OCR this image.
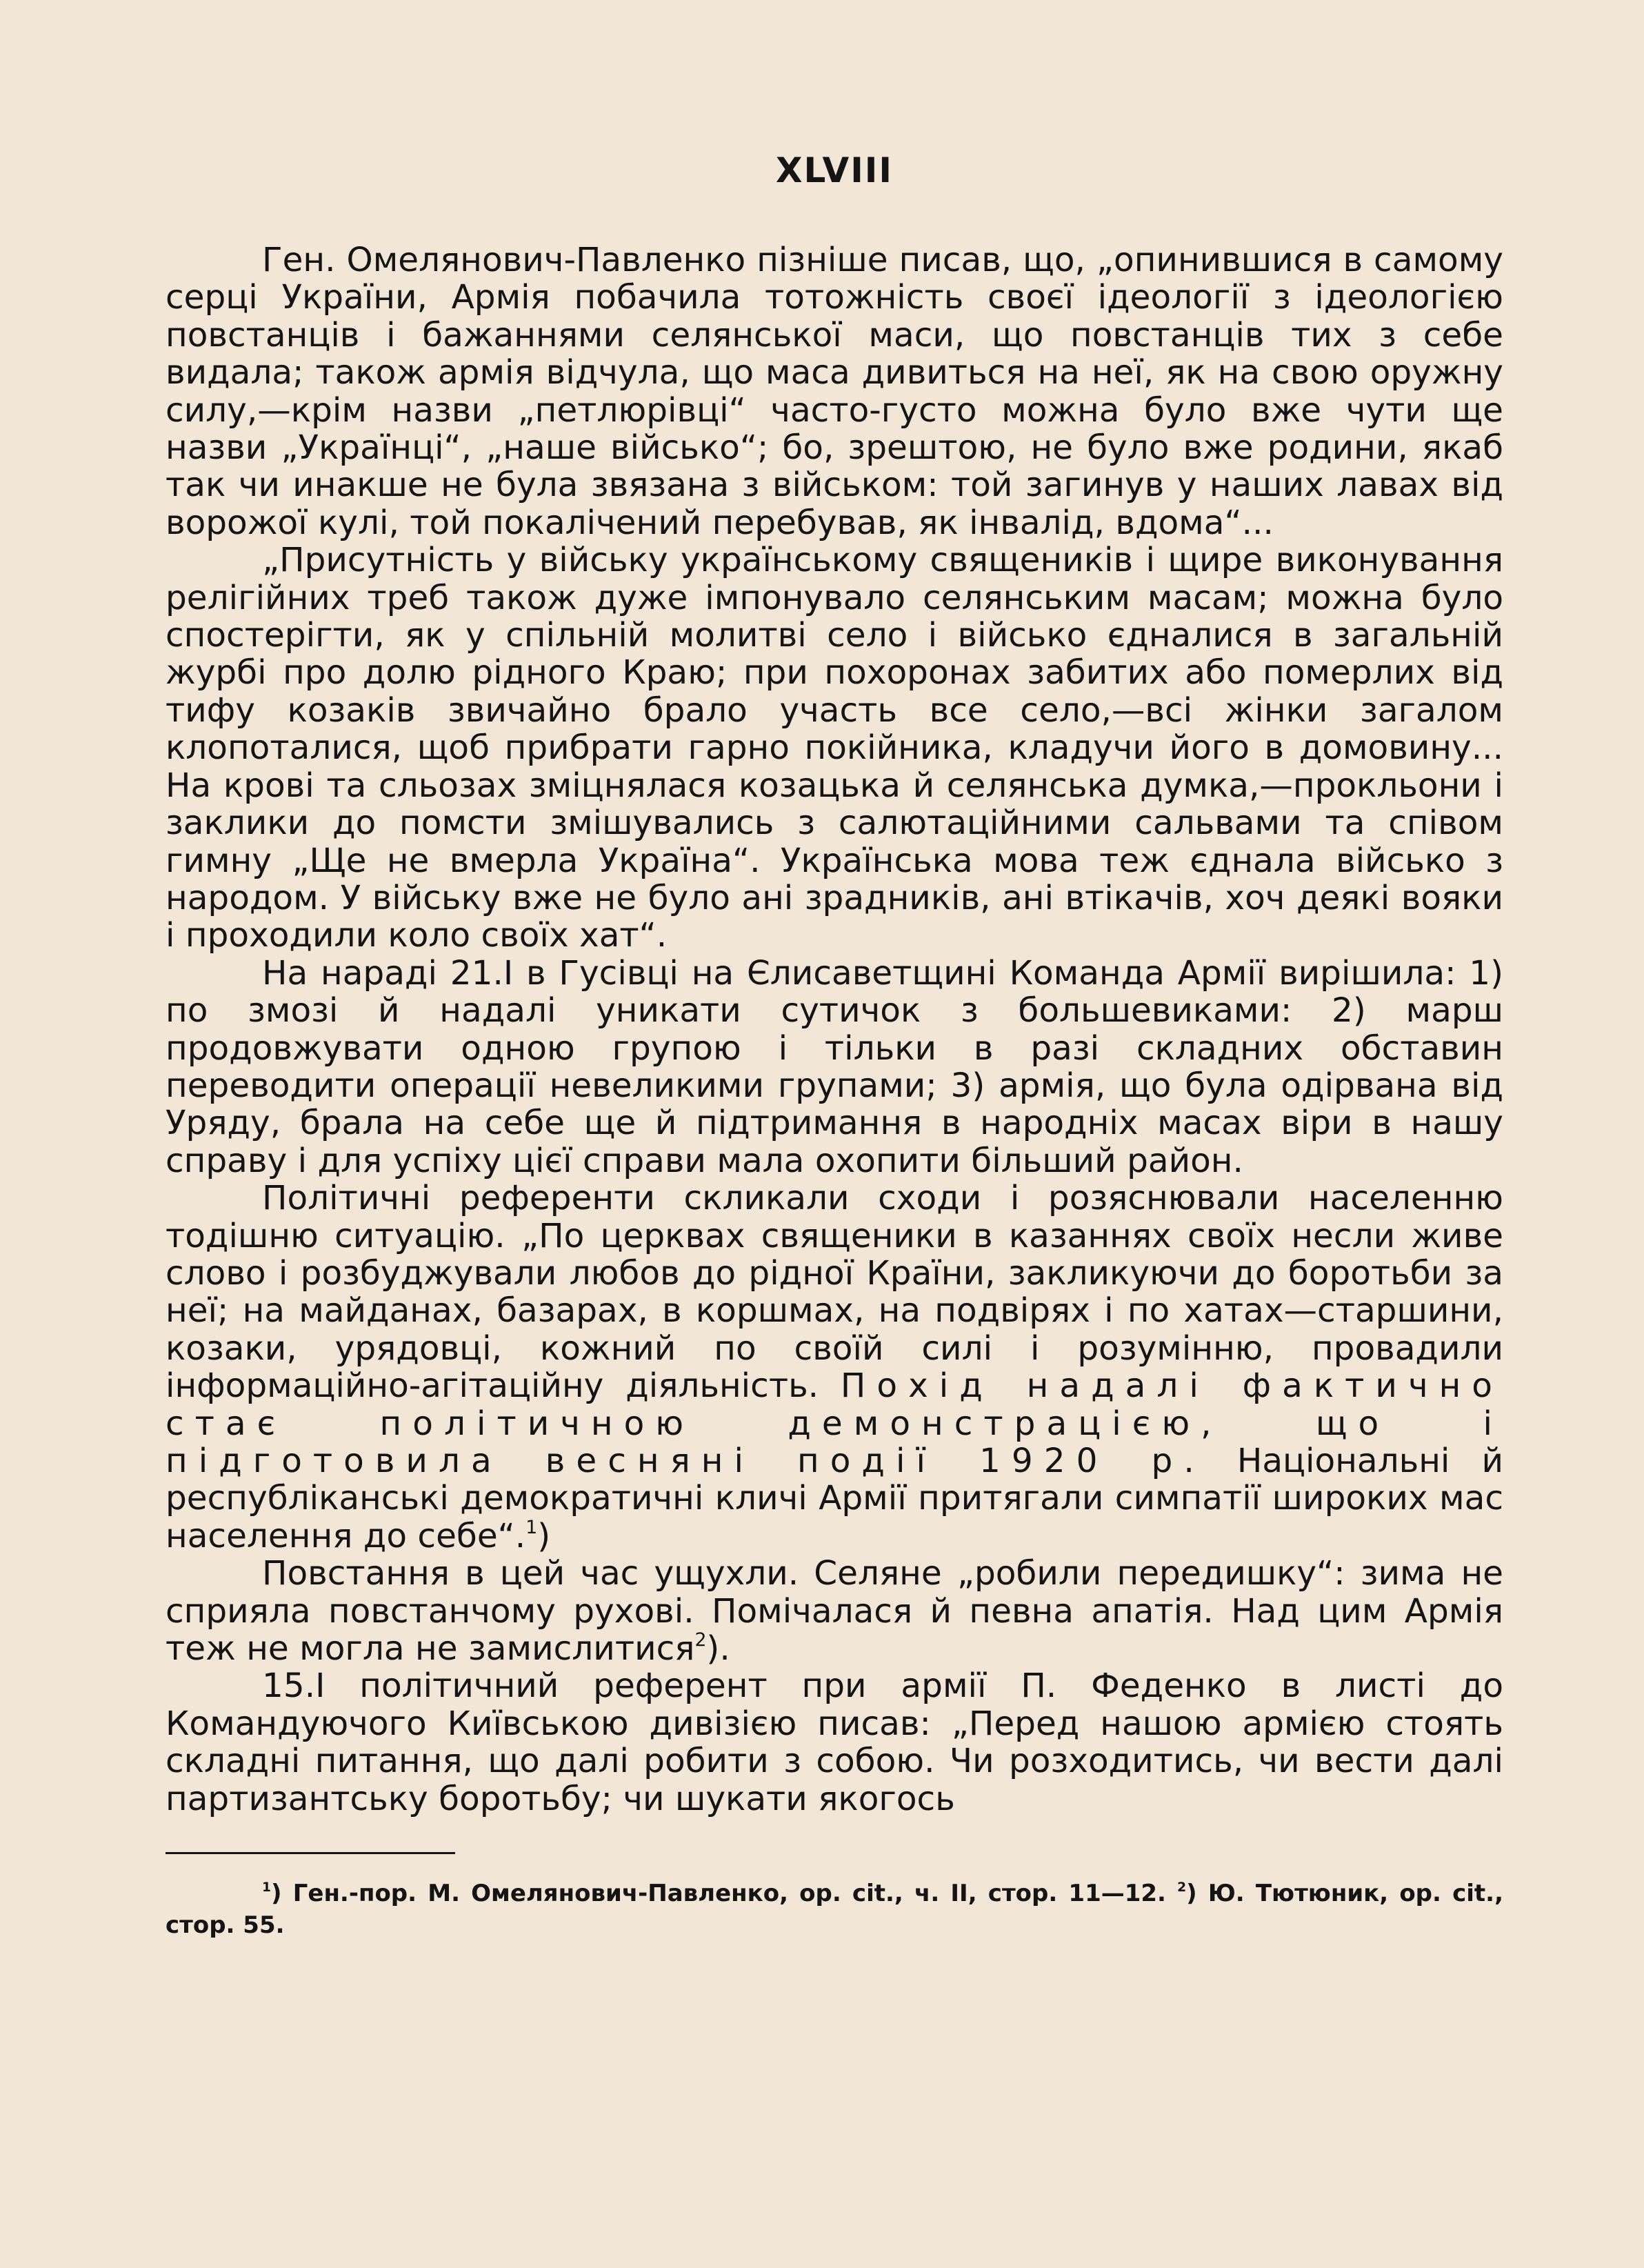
XLVIII

Ген. Омелянович-Павленко пізніше писав, що, „опинившися в самому серці України, Армія побачила тотожність своєї ідеології з ідеологією повстанців і бажаннями селянської маси, що повстанців тих з себе видала; також армія відчула, що маса дивиться на неї, як на свою оружну силу,—крім назви „петлюрівці“ часто-густо можна було вже чути ще назви „Українці“, „наше військо“; бо, зрештою, не було вже родини, якаб так чи инакше не була звязана з військом: той загинув у наших лавах від ворожої кулі, той покалічений перебував, як інвалід, вдома“...

„Присутність у війську українському священиків і щире виконування релігійних треб також дуже імпонувало селянським масам; можна було спостерігти, як у спільній молитві село і військо єдналися в загальній журбі про долю рідного Краю; при похоронах забитих або померлих від тифу козаків звичайно брало участь все село,—всі жінки загалом клопоталися, щоб прибрати гарно покійника, кладучи його в домовину... На крові та сльозах зміцнялася козацька й селянська думка,—прокльони і заклики до помсти змішувались з салютаційними сальвами та співом гимну „Ще не вмерла Україна“. Українська мова теж єднала військо з народом. У війську вже не було ані зрадників, ані втікачів, хоч деякі вояки і проходили коло своїх хат“.

На нараді 21.I в Гусівці на Єлисаветщині Команда Армії вирішила: 1) по змозі й надалі уникати сутичок з большевиками: 2) марш продовжувати одною групою і тільки в разі складних обставин переводити операції невеликими групами; 3) армія, що була одірвана від Уряду, брала на себе ще й підтримання в народніх масах віри в нашу справу і для успіху цієї справи мала охопити більший район.

Політичні референти скликали сходи і розяснювали населенню тодішню ситуацію. „По церквах священики в казаннях своїх несли живе слово і розбуджували любов до рідної Країни, закликуючи до боротьби за неї; на майданах, базарах, в коршмах, на подвірях і по хатах—старшини, козаки, урядовці, кожний по своїй силі і розумінню, провадили інформаційно-агітаційну діяльність. Похід надалі фактично стає політичною демонстрацією, що і підготовила весняні події 1920 р. Національні й республіканські демократичні кличі Армії притягали симпатії широких мас населення до себе“.$^1$)

Повстання в цей час ущухли. Селяне „робили передишку“: зима не сприяла повстанчому рухові. Помічалася й певна апатія. Над цим Армія теж не могла не замислитися$^2$).

15.I політичний референт при армії П. Феденко в листі до Командуючого Київською дивізією писав: „Перед нашою армією стоять складні питання, що далі робити з собою. Чи розходитись, чи вести далі партизантську боротьбу; чи шукати якогось

$^1$) Ген.-пор. М. Омелянович-Павленко, op. cit., ч. II, стор. 11—12. $^2$) Ю. Тютюник, op. cit., стор. 55.
